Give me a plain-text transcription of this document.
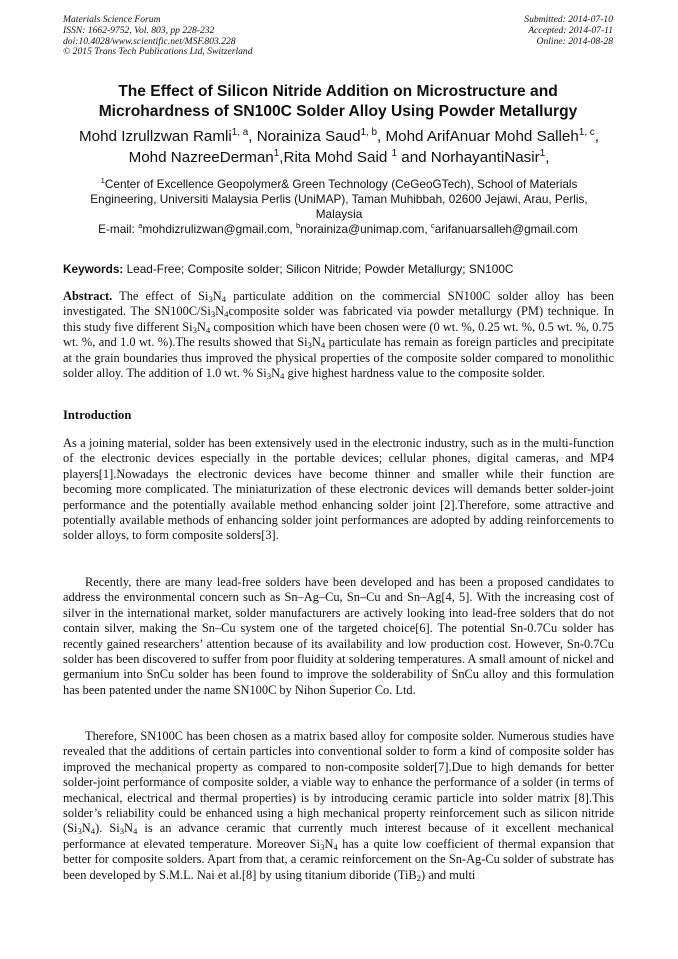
Materials Science Forum
ISSN: 1662-9752, Vol. 803, pp 228-232
doi:10.4028/www.scientific.net/MSF.803.228
© 2015 Trans Tech Publications Ltd, Switzerland
Submitted: 2014-07-10
Accepted: 2014-07-11
Online: 2014-08-28
The Effect of Silicon Nitride Addition on Microstructure and
Microhardness of SN100C Solder Alloy Using Powder Metallurgy
Mohd Izrullzwan Ramli$^{1, a}$, Norainiza Saud$^{1, b}$, Mohd ArifAnuar Mohd Salleh$^{1, c}$,
Mohd NazreeDerman$^1$,Rita Mohd Said $^1$ and NorhayantiNasir$^1$,
$^1$Center of Excellence Geopolymer& Green Technology (CeGeoGTech), School of Materials Engineering, Universiti Malaysia Perlis (UniMAP), Taman Muhibbah, 02600 Jejawi, Arau, Perlis, Malaysia
E-mail: $^a$mohdizrulizwan@gmail.com, $^b$norainiza@unimap.com, $^c$arifanuarsalleh@gmail.com
Keywords: Lead-Free; Composite solder; Silicon Nitride; Powder Metallurgy; SN100C
Abstract. The effect of $Si_3N_4$ particulate addition on the commercial SN100C solder alloy has been investigated. The $SN100C/Si_3N_4composite$ solder was fabricated via powder metallurgy (PM) technique. In this study five different $Si_3N_4$ composition which have been chosen were (0 wt. %, 0.25 wt. %, 0.5 wt. %, 0.75 wt. %, and 1.0 wt. %).The results showed that $Si_3N_4$ particulate has remain as foreign particles and precipitate at the grain boundaries thus improved the physical properties of the composite solder compared to monolithic solder alloy. The addition of 1.0 wt. % $Si_3N_4$ give highest hardness value to the composite solder.
Introduction
As a joining material, solder has been extensively used in the electronic industry, such as in the multi-function of the electronic devices especially in the portable devices; cellular phones, digital cameras, and MP4 players[1].Nowadays the electronic devices have become thinner and smaller while their function are becoming more complicated. The miniaturization of these electronic devices will demands better solder-joint performance and the potentially available method enhancing solder joint [2].Therefore, some attractive and potentially available methods of enhancing solder joint performances are adopted by adding reinforcements to solder alloys, to form composite solders[3].
Recently, there are many lead-free solders have been developed and has been a proposed candidates to address the environmental concern such as Sn–Ag–Cu, Sn–Cu and Sn–Ag[4, 5]. With the increasing cost of silver in the international market, solder manufacturers are actively looking into lead-free solders that do not contain silver, making the Sn–Cu system one of the targeted choice[6]. The potential Sn-0.7Cu solder has recently gained researchers’ attention because of its availability and low production cost. However, Sn-0.7Cu solder has been discovered to suffer from poor fluidity at soldering temperatures. A small amount of nickel and germanium into SnCu solder has been found to improve the solderability of SnCu alloy and this formulation has been patented under the name SN100C by Nihon Superior Co. Ltd.
Therefore, SN100C has been chosen as a matrix based alloy for composite solder. Numerous studies have revealed that the additions of certain particles into conventional solder to form a kind of composite solder has improved the mechanical property as compared to non-composite solder[7].Due to high demands for better solder-joint performance of composite solder, a viable way to enhance the performance of a solder (in terms of mechanical, electrical and thermal properties) is by introducing ceramic particle into solder matrix [8].This solder’s reliability could be enhanced using a high mechanical property reinforcement such as silicon nitride $(Si_3N_4)$. $Si_3N_4$ is an advance ceramic that currently much interest because of it excellent mechanical performance at elevated temperature. Moreover $Si_3N_4$ has a quite low coefficient of thermal expansion that better for composite solders. Apart from that, a ceramic reinforcement on the Sn-Ag-Cu solder of substrate has been developed by S.M.L. Nai et al.[8] by using titanium diboride (TiB$_2$) and multi
